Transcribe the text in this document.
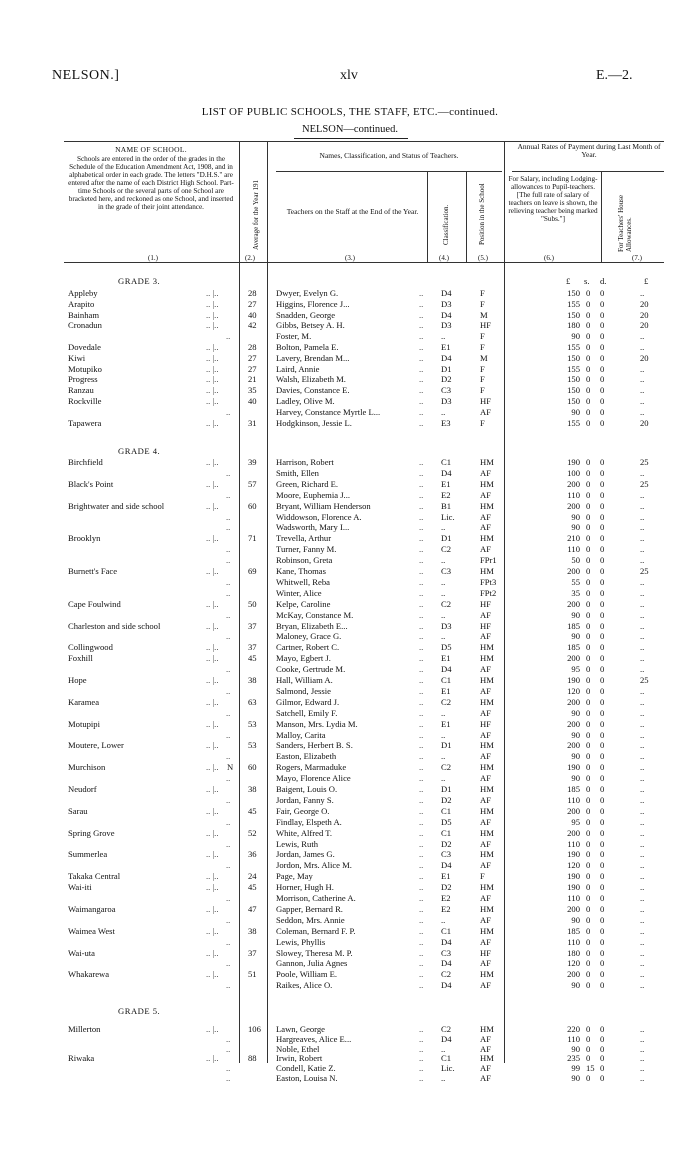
NELSON.]	xlv	E.—2.
LIST OF PUBLIC SCHOOLS, THE STAFF, ETC.—continued.
NELSON—continued.
NAME OF SCHOOL.
Schools are entered in the order of the grades in the Schedule of the Education Amendment Act, 1908, and in alphabetical order in each grade. The letters "D.H.S." are entered after the name of each District High School. Part-time Schools or the several parts of one School are bracketed here, and reckoned as one School, and inserted in the grade of their joint attendance.	Average for the Year 191
Names, Classification, and Status of Teachers.
Teachers on the Staff at the End of the Year.	Classification.	Position in the School
Annual Rates of Payment during Last Month of Year.
For Salary, including Lodging-allowances to Pupil-teachers. [The full rate of salary of teachers on leave is shown, the relieving teacher being marked "Subs."]	For Teachers' House Allowances.
(1.)	(2.)	(3.)	(4.)	(5.)	(6.)	(7.)
£ s. d.	£
GRADE 3.
GRADE 4.
GRADE 5.
Appleby	28 Dwyer, Evelyn G.	D4	F	150 0 0	..
.. |..	..
Arapito	27 Higgins, Florence J...	D3	F	155 0 0	20
.. |..	..
Bainham	40 Snadden, George	D4	M	150 0 0	20
.. |..	..
Cronadun	42 Gibbs, Betsey A. H.	D3	HF	180 0 0	20
.. |..	..
Foster, M.	..	F	90 0 0	..
..	..
Dovedale	28 Bolton, Pamela E.	E1	F	155 0 0	..
.. |..	..
Kiwi	27 Lavery, Brendan M...	D4	M	150 0 0	20
.. |..	..
Motupiko	27 Laird, Annie	D1	F	155 0 0	..
.. |..	..
Progress	21 Walsh, Elizabeth M.	D2	F	150 0 0	..
.. |..	..
Ranzau	35 Davies, Constance E.	C3	F	150 0 0	..
.. |..	..
Rockville	40 Ladley, Olive M.	D3	HF	150 0 0	..
.. |..	..
Harvey, Constance Myrtle L...	..	AF	90 0 0	..
..	..
Tapawera	31 Hodgkinson, Jessie L.	E3	F	155 0 0	20
.. |..	..
Birchfield	39 Harrison, Robert	C1	HM	190 0 0	25
.. |..	..
Smith, Ellen	D4	AF	100 0 0	..
..	..
Black's Point	57 Green, Richard E.	E1	HM	200 0 0	25
.. |..	..
Moore, Euphemia J...	E2	AF	110 0 0	..
..	..
Brightwater and side school	60 Bryant, William Henderson	B1	HM	200 0 0	..
.. |..	..
Widdowson, Florence A.	Lic.	AF	90 0 0	..
..	..
Wadsworth, Mary I...	..	AF	90 0 0	..
..	..
Brooklyn	71 Trevella, Arthur	D1	HM	210 0 0	..
.. |..	..
Turner, Fanny M.	C2	AF	110 0 0	..
..	..
Robinson, Greta	..	FPr1	50 0 0	..
..	..
Burnett's Face	69 Kane, Thomas	C3	HM	200 0 0	25
.. |..	..
Whitwell, Reba	..	FPt3	55 0 0	..
..	..
Winter, Alice	..	FPt2	35 0 0	..
..	..
Cape Foulwind	50 Kelpe, Caroline	C2	HF	200 0 0	..
.. |..	..
McKay, Constance M.	..	AF	90 0 0	..
..	..
Charleston and side school	37 Bryan, Elizabeth E...	D3	HF	185 0 0	..
.. |..	..
Maloney, Grace G.	..	AF	90 0 0	..
..	..
Collingwood	37 Cartner, Robert C.	D5	HM	185 0 0	..
.. |..	..
Foxhill	45 Mayo, Egbert J.	E1	HM	200 0 0	..
.. |..	..
Cooke, Gertrude M.	D4	AF	95 0 0	..
..	..
Hope	38 Hall, William A.	C1	HM	190 0 0	25
.. |..	..
Salmond, Jessie	E1	AF	120 0 0	..
..	..
Karamea	63 Gilmor, Edward J.	C2	HM	200 0 0	..
.. |..	..
Satchell, Emily F.	..	AF	90 0 0	..
..	..
Motupipi	53 Manson, Mrs. Lydia M.	E1	HF	200 0 0	..
.. |..	..
Malloy, Carita	..	AF	90 0 0	..
..	..
Moutere, Lower	53 Sanders, Herbert B. S.	D1	HM	200 0 0	..
.. |..	..
Easton, Elizabeth	..	AF	90 0 0	..
..	..
Murchison	60 Rogers, Marmaduke	C2	HM	190 0 0	..
.. |..	..
Mayo, Florence Alice	..	AF	90 0 0	..
..	..
Neudorf	38 Baigent, Louis O.	D1	HM	185 0 0	..
.. |..	..
Jordan, Fanny S.	D2	AF	110 0 0	..
..	..
Sarau	45 Fair, George O.	C1	HM	200 0 0	..
.. |..	..
Findlay, Elspeth A.	D5	AF	95 0 0	..
..	..
Spring Grove	52 White, Alfred T.	C1	HM	200 0 0	..
.. |..	..
Lewis, Ruth	D2	AF	110 0 0	..
..	..
Summerlea	36 Jordan, James G.	C3	HM	190 0 0	..
.. |..	..
Jordon, Mrs. Alice M.	D4	AF	120 0 0	..
..	..
Takaka Central	24 Page, May	E1	F	190 0 0	..
.. |..	..
Wai-iti	45 Horner, Hugh H.	D2	HM	190 0 0	..
.. |..	..
Morrison, Catherine A.	E2	AF	110 0 0	..
..	..
Waimangaroa	47 Gapper, Bernard R.	E2	HM	200 0 0	..
.. |..	..
Seddon, Mrs. Annie	..	AF	90 0 0	..
..	..
Waimea West	38 Coleman, Bernard F. P.	C1	HM	185 0 0	..
.. |..	..
Lewis, Phyllis	D4	AF	110 0 0	..
..	..
Wai-uta	37 Slowey, Theresa M. P.	C3	HF	180 0 0	..
.. |..	..
Gannon, Julia Agnes	D4	AF	120 0 0	..
..	..
Whakarewa	51 Poole, William E.	C2	HM	200 0 0	..
.. |..	..
Raikes, Alice O.	D4	AF	90 0 0	..
..	..
Millerton	106 Lawn, George	C2	HM	220 0 0	..
.. |..	..
Hargreaves, Alice E...	D4	AF	110 0 0	..
..	..
Noble, Ethel	..	AF	90 0 0	..
..	..
Riwaka	88 Irwin, Robert	C1	HM	235 0 0	..
.. |..	..
Condell, Katie Z.	Lic.	AF	99 15 0	..
..	..
Easton, Louisa N.	..	AF	90 0 0	..
..	..
N
